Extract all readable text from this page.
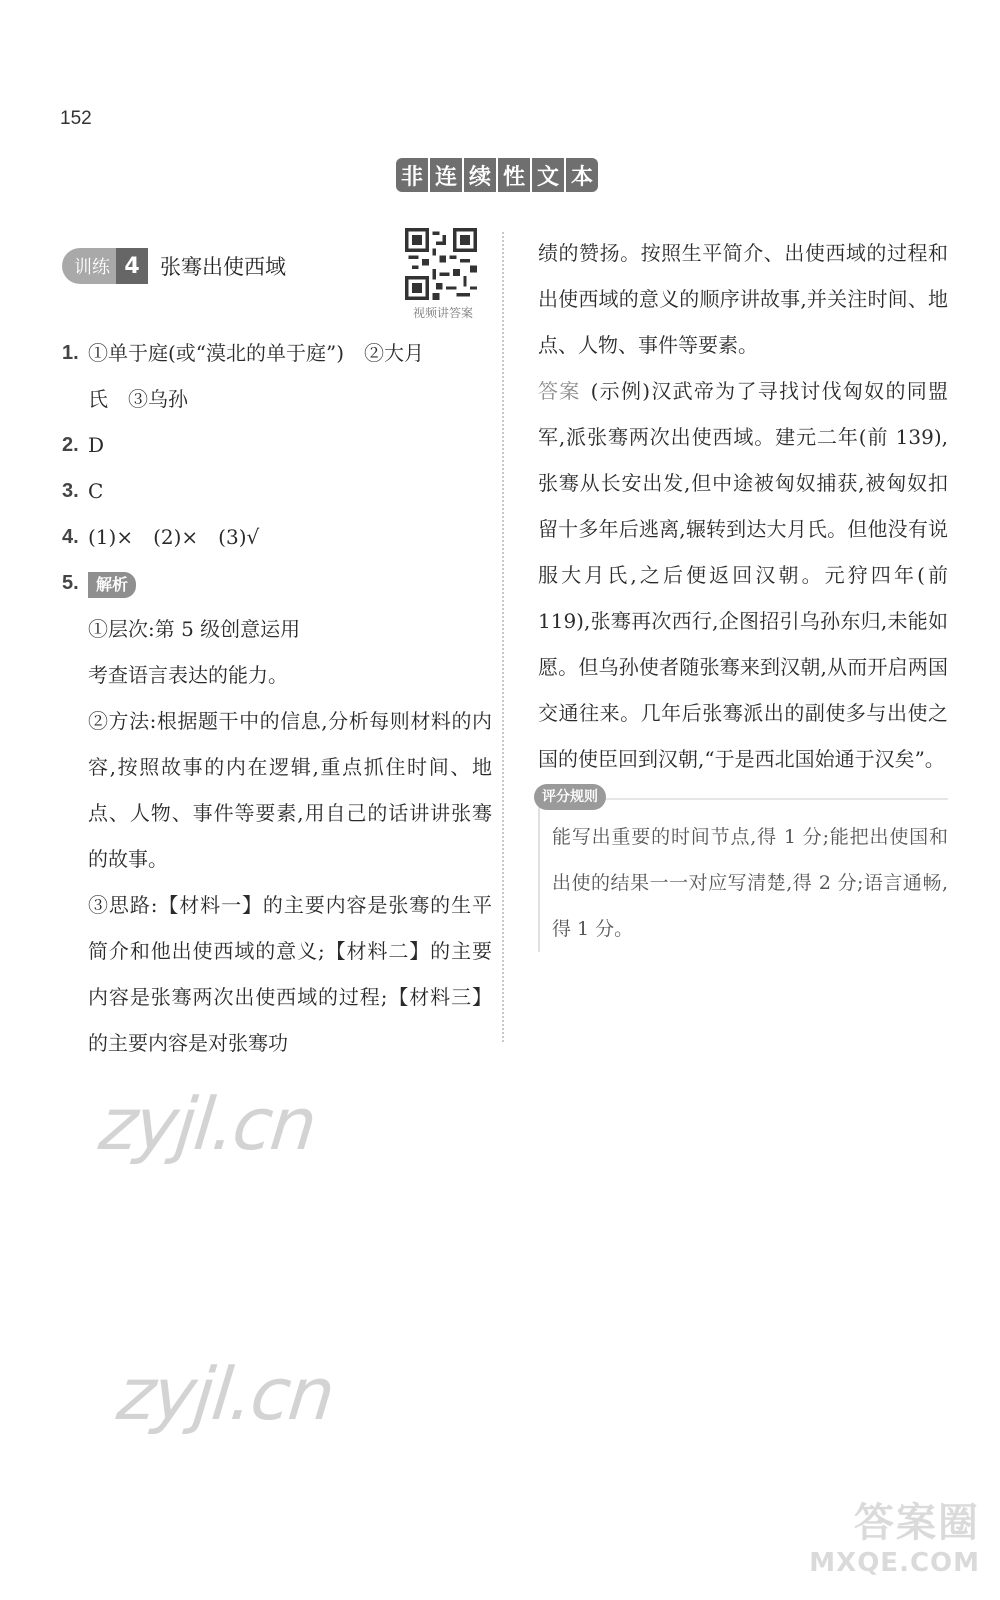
152
非 连 续 性 文 本
训练 4 张骞出使西域
视频讲答案
1. ①单于庭(或“漠北的单于庭”)　②大月
氏　③乌孙
2. D
3. C
4. (1)×　(2)×　(3)√
5.	解析
①层次:第 5 级创意运用
考查语言表达的能力。
②方法:根据题干中的信息,分析每则材料的内容,按照故事的内在逻辑,重点抓住时间、地点、人物、事件等要素,用自己的话讲讲张骞的故事。
③思路:【材料一】的主要内容是张骞的生平简介和他出使西域的意义;【材料二】的主要内容是张骞两次出使西域的过程;【材料三】的主要内容是对张骞功
绩的赞扬。按照生平简介、出使西域的过程和出使西域的意义的顺序讲故事,并关注时间、地点、人物、事件等要素。
答案 (示例)汉武帝为了寻找讨伐匈奴的同盟军,派张骞两次出使西域。建元二年(前 139),张骞从长安出发,但中途被匈奴捕获,被匈奴扣留十多年后逃离,辗转到达大月氏。但他没有说服大月氏,之后便返回汉朝。元狩四年(前 119),张骞再次西行,企图招引乌孙东归,未能如愿。但乌孙使者随张骞来到汉朝,从而开启两国交通往来。几年后张骞派出的副使多与出使之国的使臣回到汉朝,“于是西北国始通于汉矣”。
评分规则
能写出重要的时间节点,得 1 分;能把出使国和出使的结果一一对应写清楚,得 2 分;语言通畅,得 1 分。
zyjl.cn
zyjl.cn
答案圈
MXQE.COM
